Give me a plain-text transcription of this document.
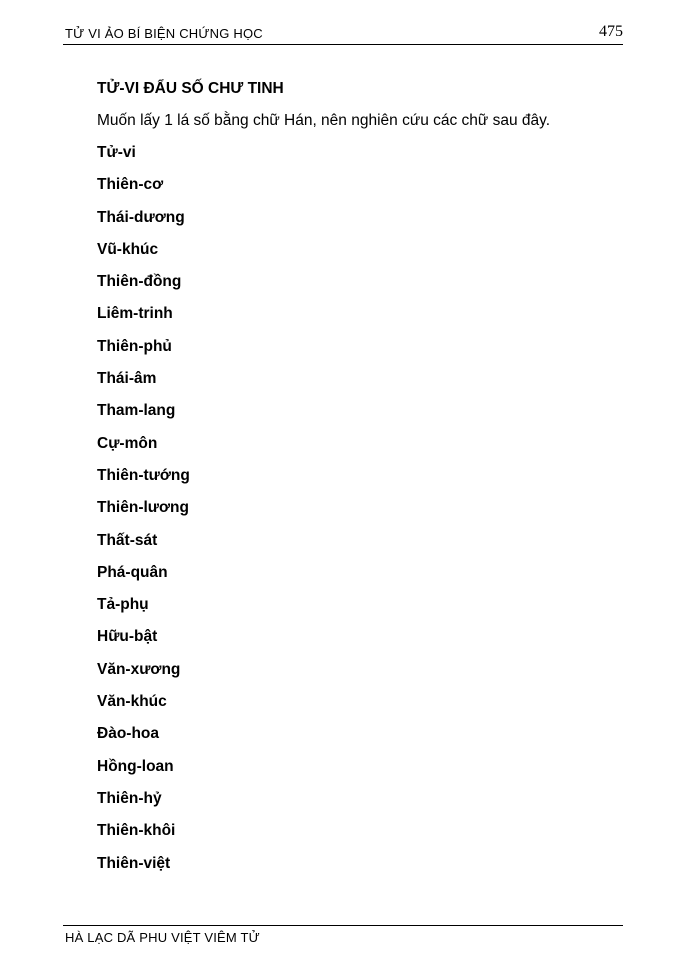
TỬ VI ẢO BÍ BIỆN CHỨNG HỌC	475
TỬ-VI ĐẨU SỐ CHƯ TINH
Muốn lấy 1 lá số bằng chữ Hán, nên nghiên cứu các chữ sau đây.
Tử-vi
Thiên-cơ
Thái-dương
Vũ-khúc
Thiên-đồng
Liêm-trinh
Thiên-phủ
Thái-âm
Tham-lang
Cự-môn
Thiên-tướng
Thiên-lương
Thất-sát
Phá-quân
Tả-phụ
Hữu-bật
Văn-xương
Văn-khúc
Đào-hoa
Hồng-loan
Thiên-hỷ
Thiên-khôi
Thiên-việt
HÀ LẠC DÃ PHU VIỆT VIÊM TỬ
